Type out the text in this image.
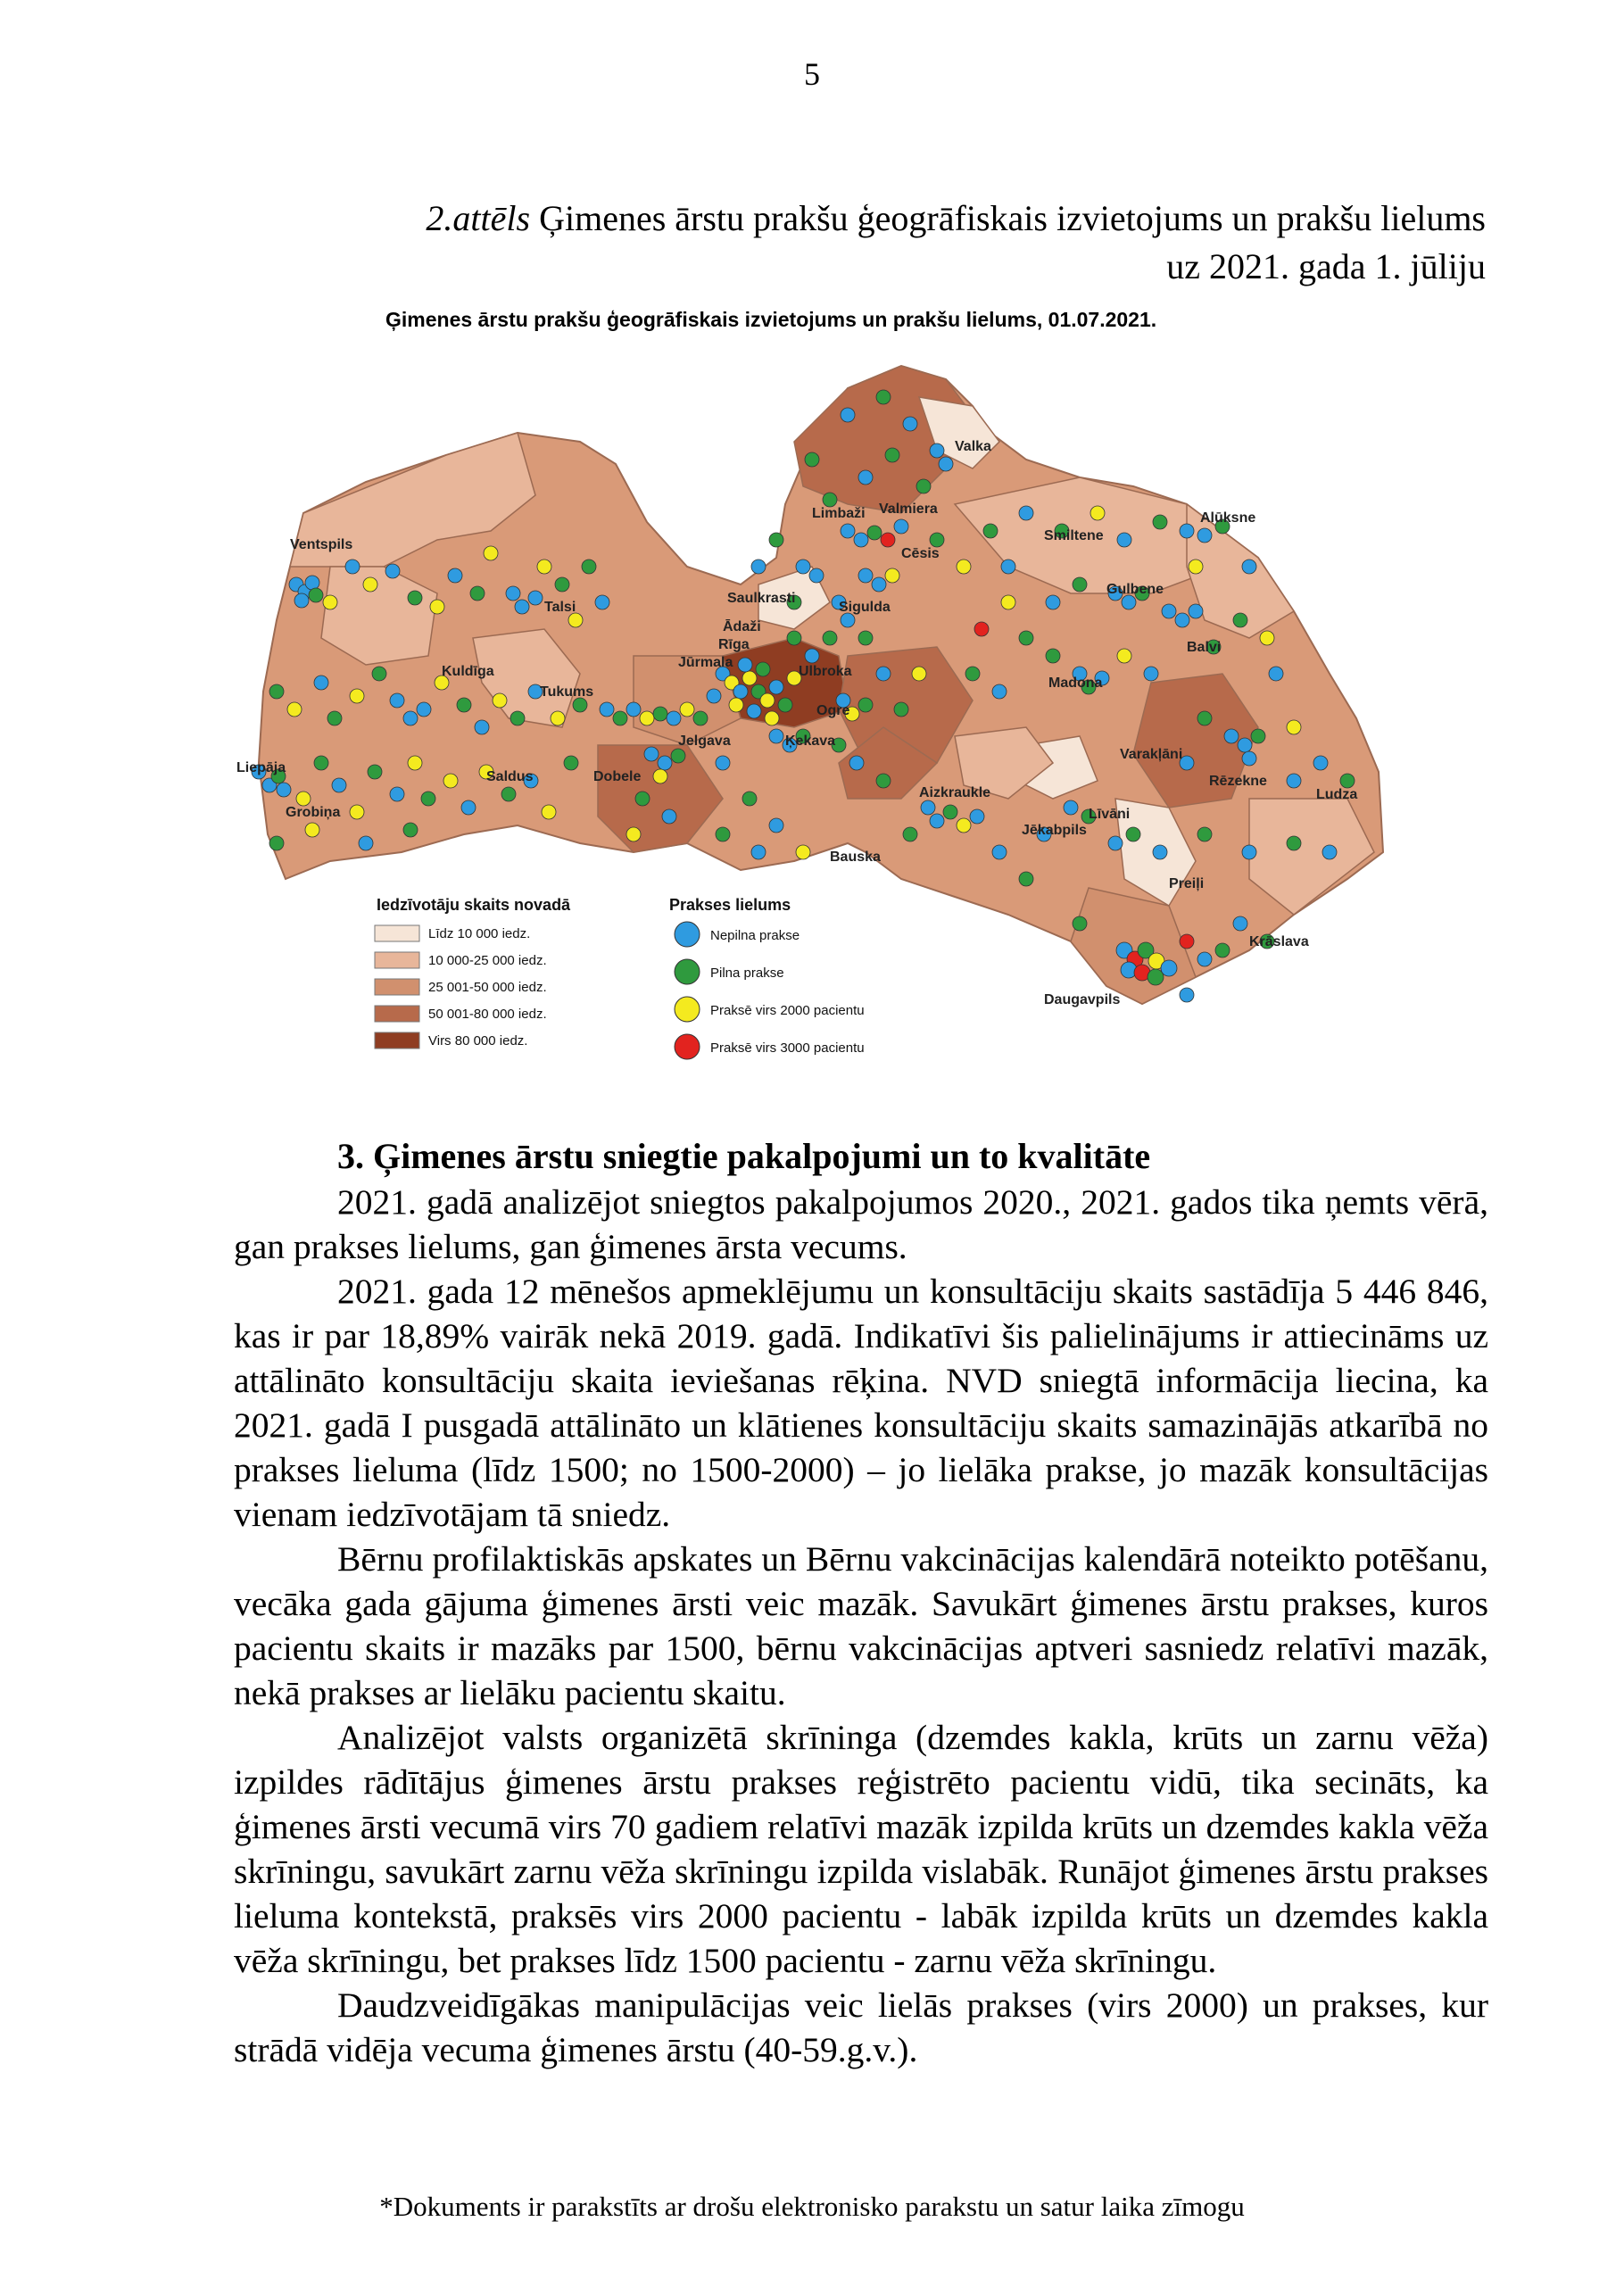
5
2.attēls Ģimenes ārstu prakšu ģeogrāfiskais izvietojums un prakšu lielums
uz 2021. gada 1. jūliju
Ģimenes ārstu prakšu ģeogrāfiskais izvietojums un prakšu lielums, 01.07.2021.
Valka
Limbaži Valmiera
Ventspils
Alūksne
Smiltene
Cēsis
Saulkrasti
Sigulda
Gulbene
Talsi
Ādaži
Rīga	Balvi
Jūrmala
Kuldīga	Ulbroka
Madona
Tukums
Ogre
Ķekava
Jelgava
Varakļāni
Liepāja
Rēzekne
Saldus	Dobele
Aizkraukle	Ludza
Grobiņa	Līvāni
Jēkabpils
Bauska
Preiļi
Krāslava
Daugavpils
Iedzīvotāju skaits novadā
Līdz 10 000 iedz.
10 000-25 000 iedz.
25 001-50 000 iedz.
50 001-80 000 iedz.
Virs 80 000 iedz.
Prakses lielums
Nepilna prakse
Pilna prakse
Praksē virs 2000 pacientu
Praksē virs 3000 pacientu
3. Ģimenes ārstu sniegtie pakalpojumi un to kvalitāte

2021. gadā analizējot sniegtos pakalpojumos 2020., 2021. gados tika ņemts vērā, gan prakses lielums, gan ģimenes ārsta vecums.

2021. gada 12 mēnešos apmeklējumu un konsultāciju skaits sastādīja 5 446 846, kas ir par 18,89% vairāk nekā 2019. gadā. Indikatīvi šis palielinājums ir attiecināms uz attālināto konsultāciju skaita ieviešanas rēķina. NVD sniegtā informācija liecina, ka 2021. gadā I pusgadā attālināto un klātienes konsultāciju skaits samazinājās atkarībā no prakses lieluma (līdz 1500; no 1500-2000) – jo lielāka prakse, jo mazāk konsultācijas vienam iedzīvotājam tā sniedz.

Bērnu profilaktiskās apskates un Bērnu vakcinācijas kalendārā noteikto potēšanu, vecāka gada gājuma ģimenes ārsti veic mazāk. Savukārt ģimenes ārstu prakses, kuros pacientu skaits ir mazāks par 1500, bērnu vakcinācijas aptveri sasniedz relatīvi mazāk, nekā prakses ar lielāku pacientu skaitu.

Analizējot valsts organizētā skrīninga (dzemdes kakla, krūts un zarnu vēža) izpildes rādītājus ģimenes ārstu prakses reģistrēto pacientu vidū, tika secināts, ka ģimenes ārsti vecumā virs 70 gadiem relatīvi mazāk izpilda krūts un dzemdes kakla vēža skrīningu, savukārt zarnu vēža skrīningu izpilda vislabāk. Runājot ģimenes ārstu prakses lieluma kontekstā, praksēs virs 2000 pacientu - labāk izpilda krūts un dzemdes kakla vēža skrīningu, bet prakses līdz 1500 pacientu - zarnu vēža skrīningu.

Daudzveidīgākas manipulācijas veic lielās prakses (virs 2000) un prakses, kur strādā vidēja vecuma ģimenes ārstu (40-59.g.v.).

*Dokuments ir parakstīts ar drošu elektronisko parakstu un satur laika zīmogu
